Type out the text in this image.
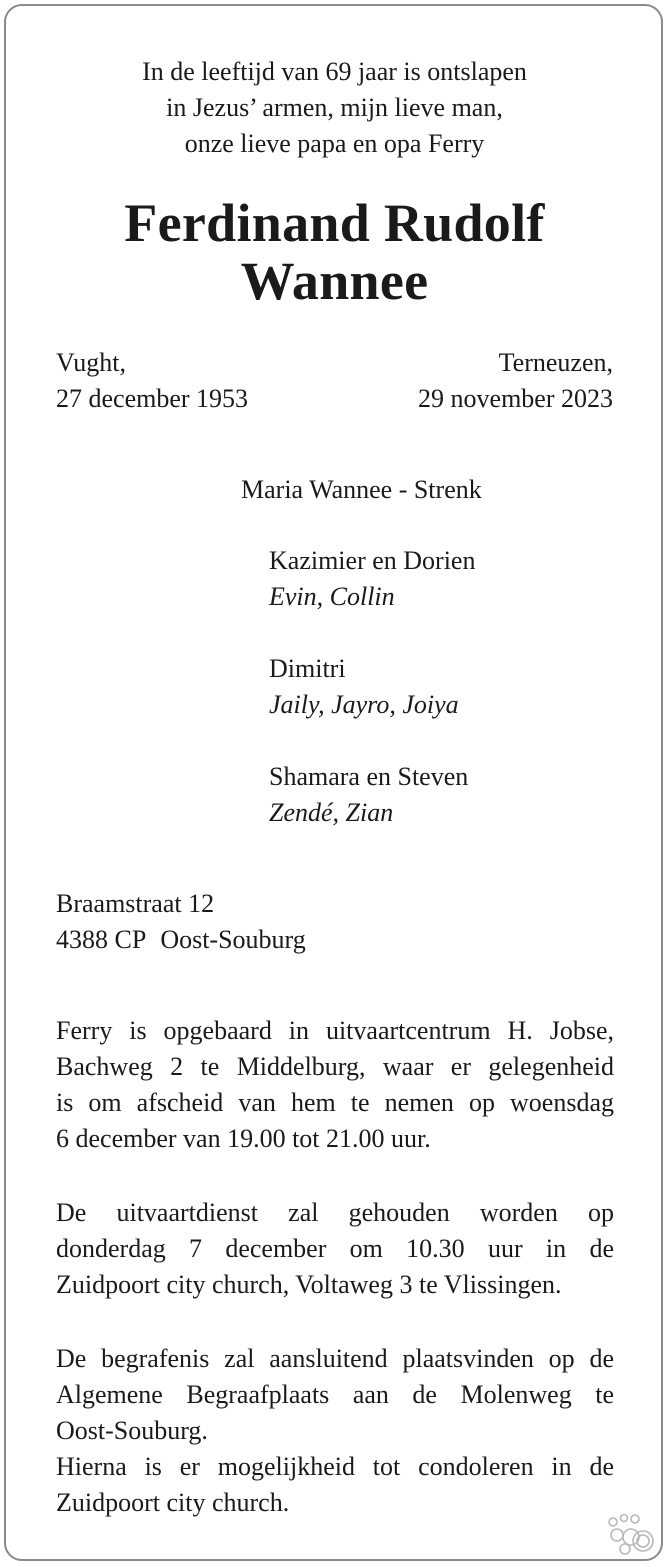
In de leeftijd van 69 jaar is ontslapen
in Jezus’ armen, mijn lieve man,
onze lieve papa en opa Ferry
Ferdinand Rudolf
Wannee
Vught,
27 december 1953
Terneuzen,
29 november 2023
Maria Wannee - Strenk
Kazimier en Dorien
Evin, Collin
Dimitri
Jaily, Jayro, Joiya
Shamara en Steven
Zendé, Zian
Braamstraat 12
4388 CP Oost-Souburg
Ferry is opgebaard in uitvaartcentrum H. Jobse,
Bachweg 2 te Middelburg, waar er gelegenheid
is om afscheid van hem te nemen op woensdag
6 december van 19.00 tot 21.00 uur.
De uitvaartdienst zal gehouden worden op
donderdag 7 december om 10.30 uur in de
Zuidpoort city church, Voltaweg 3 te Vlissingen.
De begrafenis zal aansluitend plaatsvinden op de
Algemene Begraafplaats aan de Molenweg te
Oost-Souburg.
Hierna is er mogelijkheid tot condoleren in de
Zuidpoort city church.
